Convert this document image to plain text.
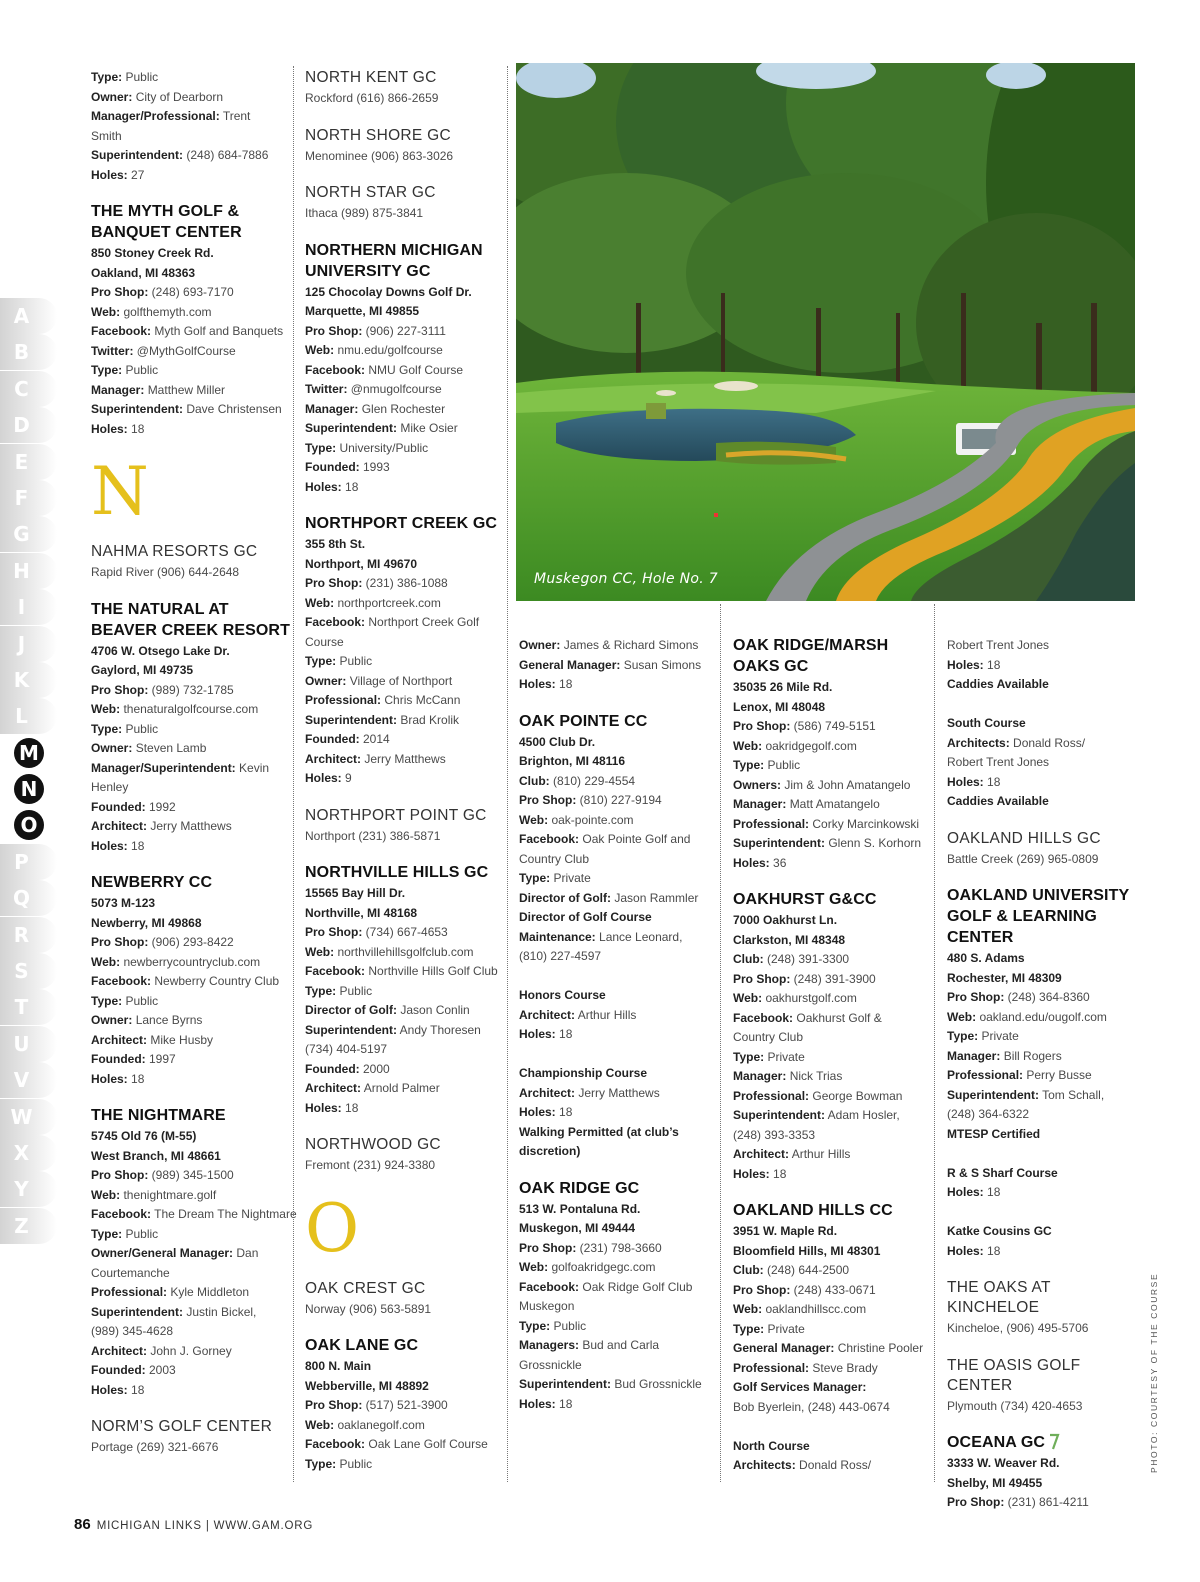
A
B
C
D
E
F
G
H
I
J
K
L
M
N
O
P
Q
R
S
T
U
V
W
X
Y
Z
Type: Public
Owner: City of Dearborn
Manager/Professional: Trent
Smith
Superintendent: (248) 684-7886
Holes: 27
THE MYTH GOLF &
BANQUET CENTER
850 Stoney Creek Rd.
Oakland, MI 48363
Pro Shop: (248) 693-7170
Web: golfthemyth.com
Facebook: Myth Golf and Banquets
Twitter: @MythGolfCourse
Type: Public
Manager: Matthew Miller
Superintendent: Dave Christensen
Holes: 18
N
NAHMA RESORTS GC
Rapid River (906) 644-2648
THE NATURAL AT
BEAVER CREEK RESORT
4706 W. Otsego Lake Dr.
Gaylord, MI 49735
Pro Shop: (989) 732-1785
Web: thenaturalgolfcourse.com
Type: Public
Owner: Steven Lamb
Manager/Superintendent: Kevin
Henley
Founded: 1992
Architect: Jerry Matthews
Holes: 18
NEWBERRY CC
5073 M-123
Newberry, MI 49868
Pro Shop: (906) 293-8422
Web: newberrycountryclub.com
Facebook: Newberry Country Club
Type: Public
Owner: Lance Byrns
Architect: Mike Husby
Founded: 1997
Holes: 18
THE NIGHTMARE
5745 Old 76 (M-55)
West Branch, MI 48661
Pro Shop: (989) 345-1500
Web: thenightmare.golf
Facebook: The Dream The Nightmare
Type: Public
Owner/General Manager: Dan
Courtemanche
Professional: Kyle Middleton
Superintendent: Justin Bickel,
(989) 345-4628
Architect: John J. Gorney
Founded: 2003
Holes: 18
NORM’S GOLF CENTER
Portage (269) 321-6676
NORTH KENT GC
Rockford (616) 866-2659
NORTH SHORE GC
Menominee (906) 863-3026
NORTH STAR GC
Ithaca (989) 875-3841
NORTHERN MICHIGAN
UNIVERSITY GC
125 Chocolay Downs Golf Dr.
Marquette, MI 49855
Pro Shop: (906) 227-3111
Web: nmu.edu/golfcourse
Facebook: NMU Golf Course
Twitter: @nmugolfcourse
Manager: Glen Rochester
Superintendent: Mike Osier
Type: University/Public
Founded: 1993
Holes: 18
NORTHPORT CREEK GC
355 8th St.
Northport, MI 49670
Pro Shop: (231) 386-1088
Web: northportcreek.com
Facebook: Northport Creek Golf
Course
Type: Public
Owner: Village of Northport
Professional: Chris McCann
Superintendent: Brad Krolik
Founded: 2014
Architect: Jerry Matthews
Holes: 9
NORTHPORT POINT GC
Northport (231) 386-5871
NORTHVILLE HILLS GC
15565 Bay Hill Dr.
Northville, MI 48168
Pro Shop: (734) 667-4653
Web: northvillehillsgolfclub.com
Facebook: Northville Hills Golf Club
Type: Public
Director of Golf: Jason Conlin
Superintendent: Andy Thoresen
(734) 404-5197
Founded: 2000
Architect: Arnold Palmer
Holes: 18
NORTHWOOD GC
Fremont (231) 924-3380
O
OAK CREST GC
Norway (906) 563-5891
OAK LANE GC
800 N. Main
Webberville, MI 48892
Pro Shop: (517) 521-3900
Web: oaklanegolf.com
Facebook: Oak Lane Golf Course
Type: Public
Owner: James & Richard Simons
General Manager: Susan Simons
Holes: 18
OAK POINTE CC
4500 Club Dr.
Brighton, MI 48116
Club: (810) 229-4554
Pro Shop: (810) 227-9194
Web: oak-pointe.com
Facebook: Oak Pointe Golf and
Country Club
Type: Private
Director of Golf: Jason Rammler
Director of Golf Course
Maintenance: Lance Leonard,
(810) 227-4597
Honors Course
Architect: Arthur Hills
Holes: 18
Championship Course
Architect: Jerry Matthews
Holes: 18
Walking Permitted (at club’s
discretion)
OAK RIDGE GC
513 W. Pontaluna Rd.
Muskegon, MI 49444
Pro Shop: (231) 798-3660
Web: golfoakridgegc.com
Facebook: Oak Ridge Golf Club
Muskegon
Type: Public
Managers: Bud and Carla
Grossnickle
Superintendent: Bud Grossnickle
Holes: 18
OAK RIDGE/MARSH
OAKS GC
35035 26 Mile Rd.
Lenox, MI 48048
Pro Shop: (586) 749-5151
Web: oakridgegolf.com
Type: Public
Owners: Jim & John Amatangelo
Manager: Matt Amatangelo
Professional: Corky Marcinkowski
Superintendent: Glenn S. Korhorn
Holes: 36
OAKHURST G&CC
7000 Oakhurst Ln.
Clarkston, MI 48348
Club: (248) 391-3300
Pro Shop: (248) 391-3900
Web: oakhurstgolf.com
Facebook: Oakhurst Golf &
Country Club
Type: Private
Manager: Nick Trias
Professional: George Bowman
Superintendent: Adam Hosler,
(248) 393-3353
Architect: Arthur Hills
Holes: 18
OAKLAND HILLS CC
3951 W. Maple Rd.
Bloomfield Hills, MI 48301
Club: (248) 644-2500
Pro Shop: (248) 433-0671
Web: oaklandhillscc.com
Type: Private
General Manager: Christine Pooler
Professional: Steve Brady
Golf Services Manager:
Bob Byerlein, (248) 443-0674
North Course
Architects: Donald Ross/
Robert Trent Jones
Holes: 18
Caddies Available
South Course
Architects: Donald Ross/
Robert Trent Jones
Holes: 18
Caddies Available
OAKLAND HILLS GC
Battle Creek (269) 965-0809
OAKLAND UNIVERSITY
GOLF & LEARNING
CENTER
480 S. Adams
Rochester, MI 48309
Pro Shop: (248) 364-8360
Web: oakland.edu/ougolf.com
Type: Private
Manager: Bill Rogers
Professional: Perry Busse
Superintendent: Tom Schall,
(248) 364-6322
MTESP Certified
R & S Sharf Course
Holes: 18
Katke Cousins GC
Holes: 18
THE OAKS AT KINCHELOE
Kincheloe, (906) 495-5706
THE OASIS GOLF CENTER
Plymouth (734) 420-4653
OCEANA GC
3333 W. Weaver Rd.
Shelby, MI 49455
Pro Shop: (231) 861-4211
Muskegon CC, Hole No. 7
PHOTO: COURTESY OF THE COURSE
86 MICHIGAN LINKS | WWW.GAM.ORG
